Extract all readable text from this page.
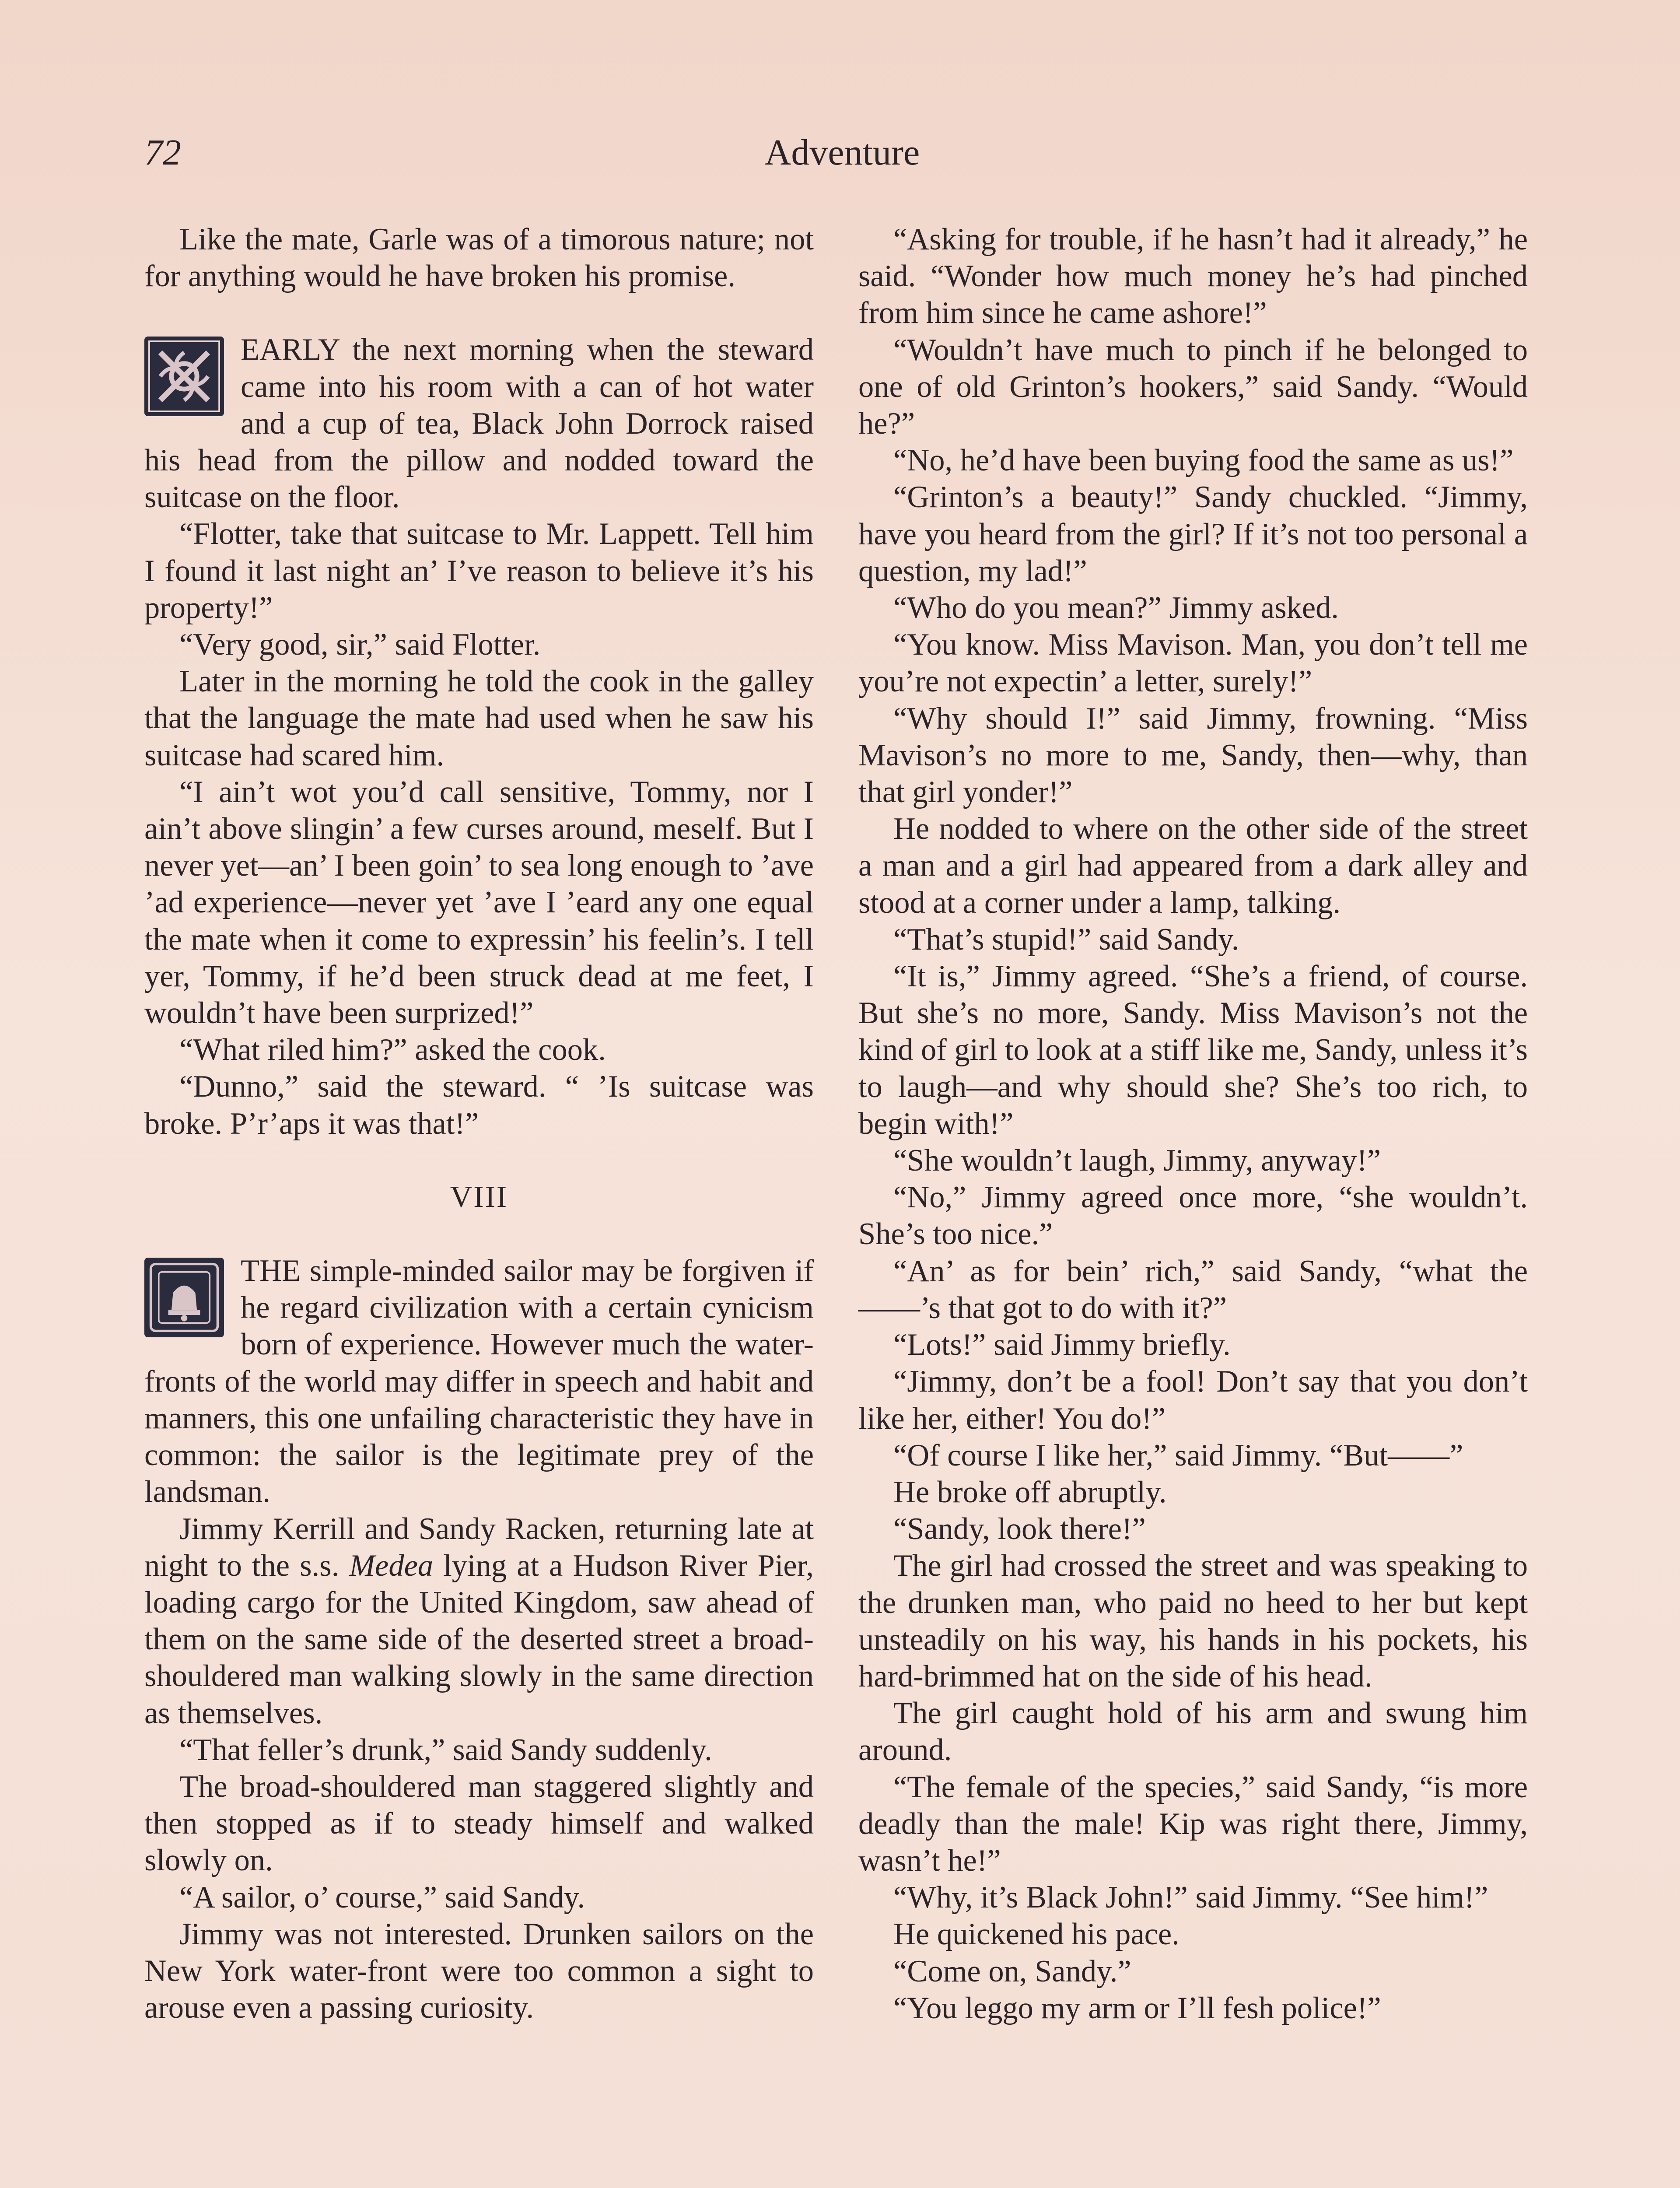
72	Adventure

Like the mate, Garle was of a timorous nature; not for anything would he have broken his promise.

EARLY the next morning when the steward came into his room with a can of hot water and a cup of tea, Black John Dorrock raised his head from the pillow and nodded toward the suitcase on the floor.

“Flotter, take that suitcase to Mr. Lappett. Tell him I found it last night an’ I’ve reason to believe it’s his property!”

“Very good, sir,” said Flotter.

Later in the morning he told the cook in the galley that the language the mate had used when he saw his suitcase had scared him.

“I ain’t wot you’d call sensitive, Tommy, nor I ain’t above slingin’ a few curses around, meself. But I never yet—an’ I been goin’ to sea long enough to ’ave ’ad experience—never yet ’ave I ’eard any one equal the mate when it come to expressin’ his feelin’s. I tell yer, Tommy, if he’d been struck dead at me feet, I wouldn’t have been surprized!”

“What riled him?” asked the cook.

“Dunno,” said the steward. “ ’Is suitcase was broke. P’r’aps it was that!”

VIII

THE simple-minded sailor may be forgiven if he regard civilization with a certain cynicism born of experience. However much the water-fronts of the world may differ in speech and habit and manners, this one unfailing characteristic they have in common: the sailor is the legitimate prey of the landsman.

Jimmy Kerrill and Sandy Racken, returning late at night to the s.s. Medea lying at a Hudson River Pier, loading cargo for the United Kingdom, saw ahead of them on the same side of the deserted street a broad-shouldered man walking slowly in the same direction as themselves.

“That feller’s drunk,” said Sandy suddenly.

The broad-shouldered man staggered slightly and then stopped as if to steady himself and walked slowly on.

“A sailor, o’ course,” said Sandy.

Jimmy was not interested. Drunken sailors on the New York water-front were too common a sight to arouse even a passing curiosity.

“Asking for trouble, if he hasn’t had it already,” he said. “Wonder how much money he’s had pinched from him since he came ashore!”

“Wouldn’t have much to pinch if he belonged to one of old Grinton’s hookers,” said Sandy. “Would he?”

“No, he’d have been buying food the same as us!”

“Grinton’s a beauty!” Sandy chuckled. “Jimmy, have you heard from the girl? If it’s not too personal a question, my lad!”

“Who do you mean?” Jimmy asked.

“You know. Miss Mavison. Man, you don’t tell me you’re not expectin’ a letter, surely!”

“Why should I!” said Jimmy, frowning. “Miss Mavison’s no more to me, Sandy, then—why, than that girl yonder!”

He nodded to where on the other side of the street a man and a girl had appeared from a dark alley and stood at a corner under a lamp, talking.

“That’s stupid!” said Sandy.

“It is,” Jimmy agreed. “She’s a friend, of course. But she’s no more, Sandy. Miss Mavison’s not the kind of girl to look at a stiff like me, Sandy, unless it’s to laugh—and why should she? She’s too rich, to begin with!”

“She wouldn’t laugh, Jimmy, anyway!”

“No,” Jimmy agreed once more, “she wouldn’t. She’s too nice.”

“An’ as for bein’ rich,” said Sandy, “what the ——’s that got to do with it?”

“Lots!” said Jimmy briefly.

“Jimmy, don’t be a fool! Don’t say that you don’t like her, either! You do!”

“Of course I like her,” said Jimmy. “But——”

He broke off abruptly.

“Sandy, look there!”

The girl had crossed the street and was speaking to the drunken man, who paid no heed to her but kept unsteadily on his way, his hands in his pockets, his hard-brimmed hat on the side of his head.

The girl caught hold of his arm and swung him around.

“The female of the species,” said Sandy, “is more deadly than the male! Kip was right there, Jimmy, wasn’t he!”

“Why, it’s Black John!” said Jimmy. “See him!”

He quickened his pace.

“Come on, Sandy.”

“You leggo my arm or I’ll fesh police!”
